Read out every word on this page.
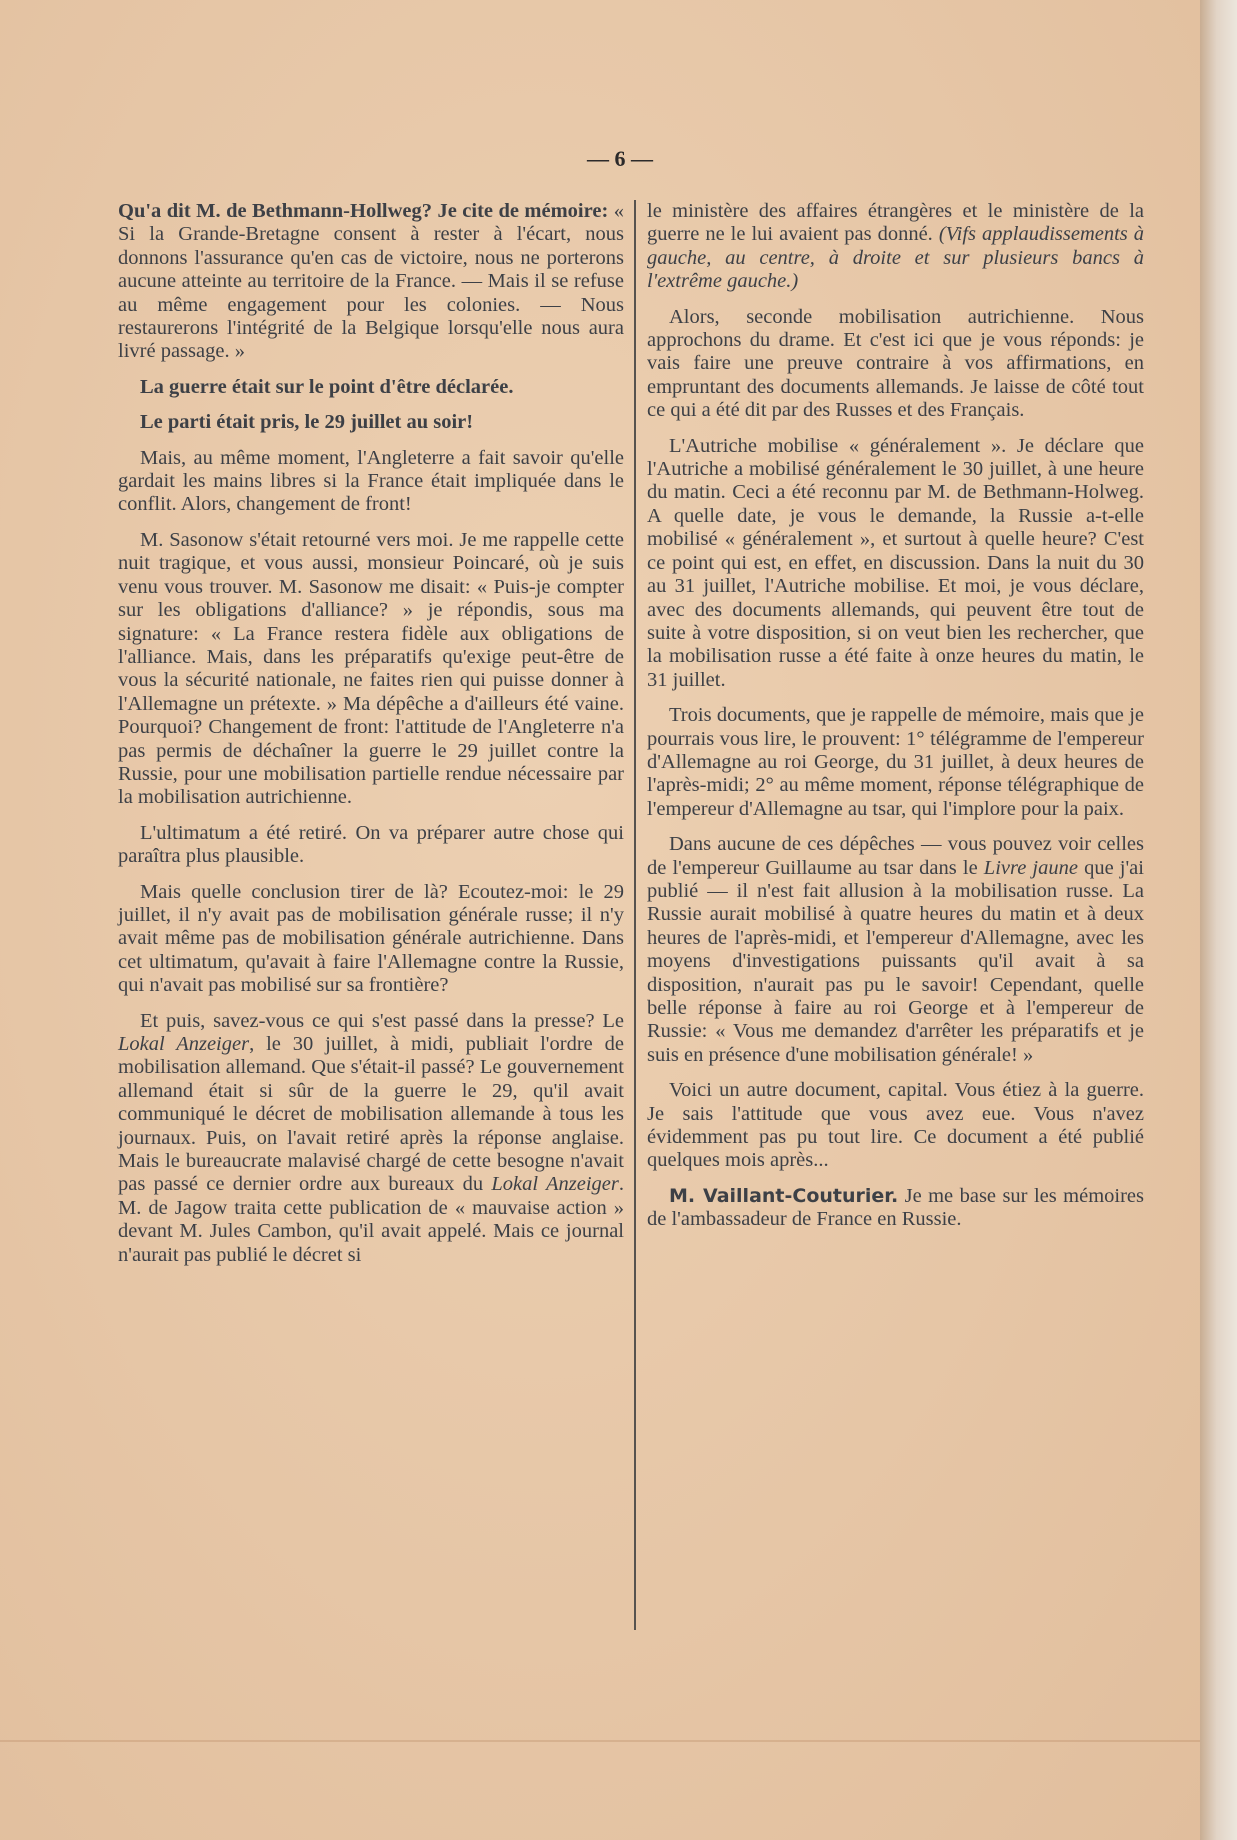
— 6 —

Qu'a dit M. de Bethmann-Hollweg? Je cite de mémoire: « Si la Grande-Bretagne consent à rester à l'écart, nous donnons l'assurance qu'en cas de victoire, nous ne porterons aucune atteinte au territoire de la France. — Mais il se refuse au même engagement pour les colonies. — Nous restaurerons l'intégrité de la Belgique lorsqu'elle nous aura livré passage. »

La guerre était sur le point d'être déclarée.

Le parti était pris, le 29 juillet au soir!

Mais, au même moment, l'Angleterre a fait savoir qu'elle gardait les mains libres si la France était impliquée dans le conflit. Alors, changement de front!

M. Sasonow s'était retourné vers moi. Je me rappelle cette nuit tragique, et vous aussi, monsieur Poincaré, où je suis venu vous trouver. M. Sasonow me disait: « Puis-je compter sur les obligations d'alliance? » je répondis, sous ma signature: « La France restera fidèle aux obligations de l'alliance. Mais, dans les préparatifs qu'exige peut-être de vous la sécurité nationale, ne faites rien qui puisse donner à l'Allemagne un prétexte. » Ma dépêche a d'ailleurs été vaine. Pourquoi? Changement de front: l'attitude de l'Angleterre n'a pas permis de déchaîner la guerre le 29 juillet contre la Russie, pour une mobilisation partielle rendue nécessaire par la mobilisation autrichienne.

L'ultimatum a été retiré. On va préparer autre chose qui paraîtra plus plausible.

Mais quelle conclusion tirer de là? Ecoutez-moi: le 29 juillet, il n'y avait pas de mobilisation générale russe; il n'y avait même pas de mobilisation générale autrichienne. Dans cet ultimatum, qu'avait à faire l'Allemagne contre la Russie, qui n'avait pas mobilisé sur sa frontière?

Et puis, savez-vous ce qui s'est passé dans la presse? Le Lokal Anzeiger, le 30 juillet, à midi, publiait l'ordre de mobilisation allemand. Que s'était-il passé? Le gouvernement allemand était si sûr de la guerre le 29, qu'il avait communiqué le décret de mobilisation allemande à tous les journaux. Puis, on l'avait retiré après la réponse anglaise. Mais le bureaucrate malavisé chargé de cette besogne n'avait pas passé ce dernier ordre aux bureaux du Lokal Anzeiger. M. de Jagow traita cette publication de « mauvaise action » devant M. Jules Cambon, qu'il avait appelé. Mais ce journal n'aurait pas publié le décret si

le ministère des affaires étrangères et le ministère de la guerre ne le lui avaient pas donné. (Vifs applaudissements à gauche, au centre, à droite et sur plusieurs bancs à l'extrême gauche.)

Alors, seconde mobilisation autrichienne. Nous approchons du drame. Et c'est ici que je vous réponds: je vais faire une preuve contraire à vos affirmations, en empruntant des documents allemands. Je laisse de côté tout ce qui a été dit par des Russes et des Français.

L'Autriche mobilise « généralement ». Je déclare que l'Autriche a mobilisé généralement le 30 juillet, à une heure du matin. Ceci a été reconnu par M. de Bethmann-Holweg. A quelle date, je vous le demande, la Russie a-t-elle mobilisé « généralement », et surtout à quelle heure? C'est ce point qui est, en effet, en discussion. Dans la nuit du 30 au 31 juillet, l'Autriche mobilise. Et moi, je vous déclare, avec des documents allemands, qui peuvent être tout de suite à votre disposition, si on veut bien les rechercher, que la mobilisation russe a été faite à onze heures du matin, le 31 juillet.

Trois documents, que je rappelle de mémoire, mais que je pourrais vous lire, le prouvent: 1° télégramme de l'empereur d'Allemagne au roi George, du 31 juillet, à deux heures de l'après-midi; 2° au même moment, réponse télégraphique de l'empereur d'Allemagne au tsar, qui l'implore pour la paix.

Dans aucune de ces dépêches — vous pouvez voir celles de l'empereur Guillaume au tsar dans le Livre jaune que j'ai publié — il n'est fait allusion à la mobilisation russe. La Russie aurait mobilisé à quatre heures du matin et à deux heures de l'après-midi, et l'empereur d'Allemagne, avec les moyens d'investigations puissants qu'il avait à sa disposition, n'aurait pas pu le savoir! Cependant, quelle belle réponse à faire au roi George et à l'empereur de Russie: « Vous me demandez d'arrêter les préparatifs et je suis en présence d'une mobilisation générale! »

Voici un autre document, capital. Vous étiez à la guerre. Je sais l'attitude que vous avez eue. Vous n'avez évidemment pas pu tout lire. Ce document a été publié quelques mois après...

M. Vaillant-Couturier. Je me base sur les mémoires de l'ambassadeur de France en Russie.
